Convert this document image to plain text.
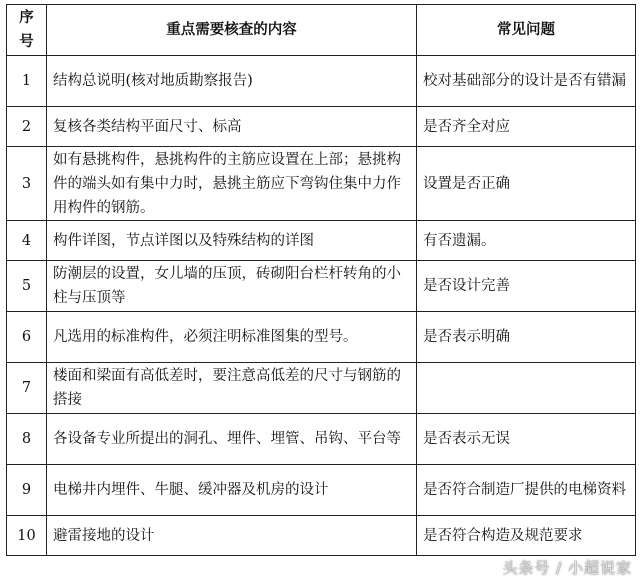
序号	重点需要核查的内容	常见问题
1	结构总说明(核对地质勘察报告)	校对基础部分的设计是否有错漏
2	复核各类结构平面尺寸、标高	是否齐全对应
3	如有悬挑构件，悬挑构件的主筋应设置在上部；悬挑构件的端头如有集中力时，悬挑主筋应下弯钩住集中力作用构件的钢筋。	设置是否正确
4	构件详图，节点详图以及特殊结构的详图	有否遗漏。
5	防潮层的设置，女儿墙的压顶，砖砌阳台栏杆转角的小柱与压顶等	是否设计完善
6	凡选用的标准构件，必须注明标准图集的型号。	是否表示明确
7	楼面和梁面有高低差时，要注意高低差的尺寸与钢筋的搭接	
8	各设备专业所提出的洞孔、埋件、埋管、吊钩、平台等	是否表示无误
9	电梯井内埋件、牛腿、缓冲器及机房的设计	是否符合制造厂提供的电梯资料
10	避雷接地的设计	是否符合构造及规范要求
头条号 / 小超说家
